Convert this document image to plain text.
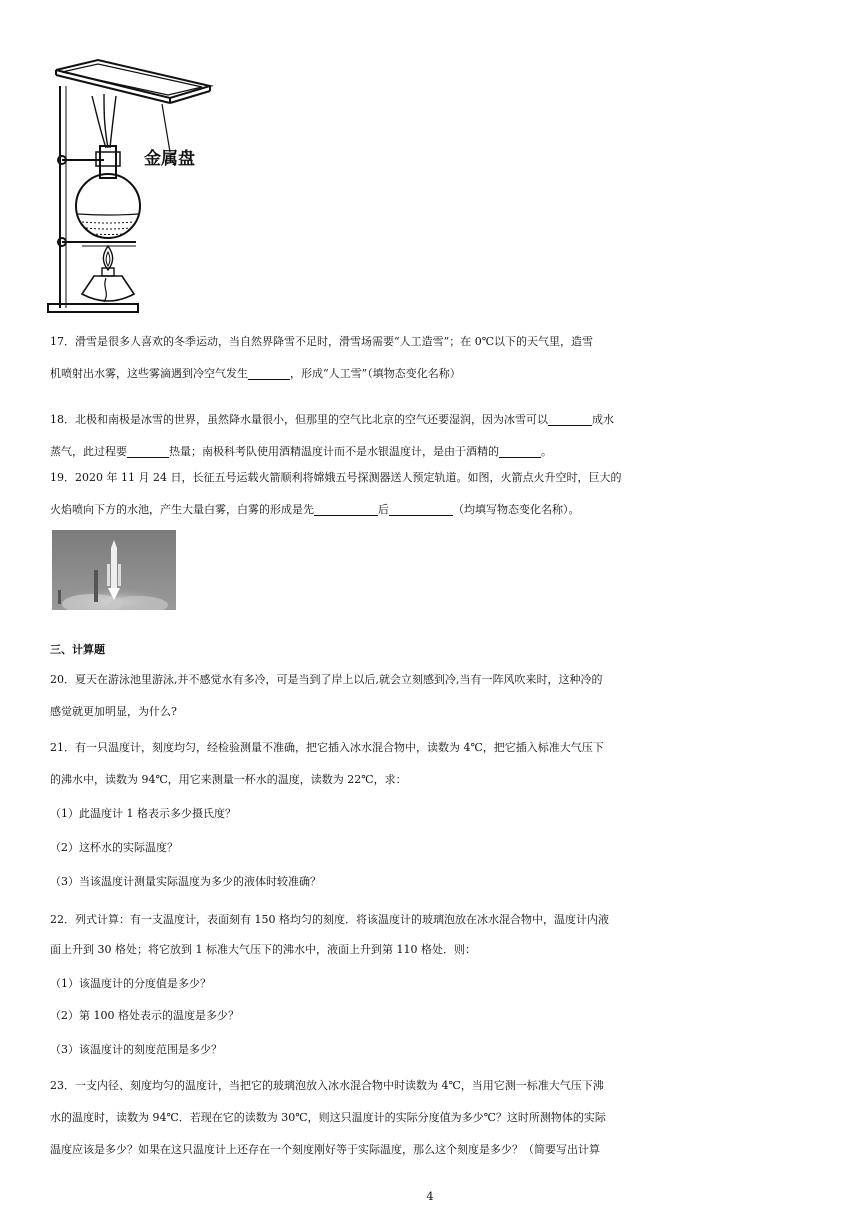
金属盘

17．滑雪是很多人喜欢的冬季运动，当自然界降雪不足时，滑雪场需要“人工造雪”；在 0℃以下的天气里，造雪

机喷射出水雾，这些雾滴遇到冷空气发生	，形成“人工雪”（填物态变化名称）

18．北极和南极是冰雪的世界，虽然降水量很小，但那里的空气比北京的空气还要湿润，因为冰雪可以	成水

蒸气，此过程要	热量；南极科考队使用酒精温度计而不是水银温度计，是由于酒精的	。

19．2020 年 11 月 24 日，长征五号运载火箭顺利将嫦娥五号探测器送人预定轨道。如图，火箭点火升空时，巨大的

火焰喷向下方的水池，产生大量白雾，白雾的形成是先	后	（均填写物态变化名称）。

三、计算题

20．夏天在游泳池里游泳,并不感觉水有多冷，可是当到了岸上以后,就会立刻感到冷,当有一阵风吹来时，这种冷的

感觉就更加明显，为什么?

21．有一只温度计，刻度均匀，经检验测量不准确，把它插入冰水混合物中，读数为 4℃，把它插入标准大气压下

的沸水中，读数为 94℃，用它来测量一杯水的温度，读数为 22℃，求：

（1）此温度计 1 格表示多少摄氏度？

（2）这杯水的实际温度？

（3）当该温度计测量实际温度为多少的液体时较准确？

22．列式计算：有一支温度计，表面刻有 150 格均匀的刻度．将该温度计的玻璃泡放在冰水混合物中，温度计内液

面上升到 30 格处；将它放到 1 标准大气压下的沸水中，液面上升到第 110 格处．则：

（1）该温度计的分度值是多少？

（2）第 100 格处表示的温度是多少？

（3）该温度计的刻度范围是多少？

23．一支内径、刻度均匀的温度计，当把它的玻璃泡放入冰水混合物中时读数为 4℃，当用它测一标准大气压下沸

水的温度时，读数为 94℃．若现在它的读数为 30℃，则这只温度计的实际分度值为多少℃？这时所测物体的实际

温度应该是多少？如果在这只温度计上还存在一个刻度刚好等于实际温度，那么这个刻度是多少？（简要写出计算

4
